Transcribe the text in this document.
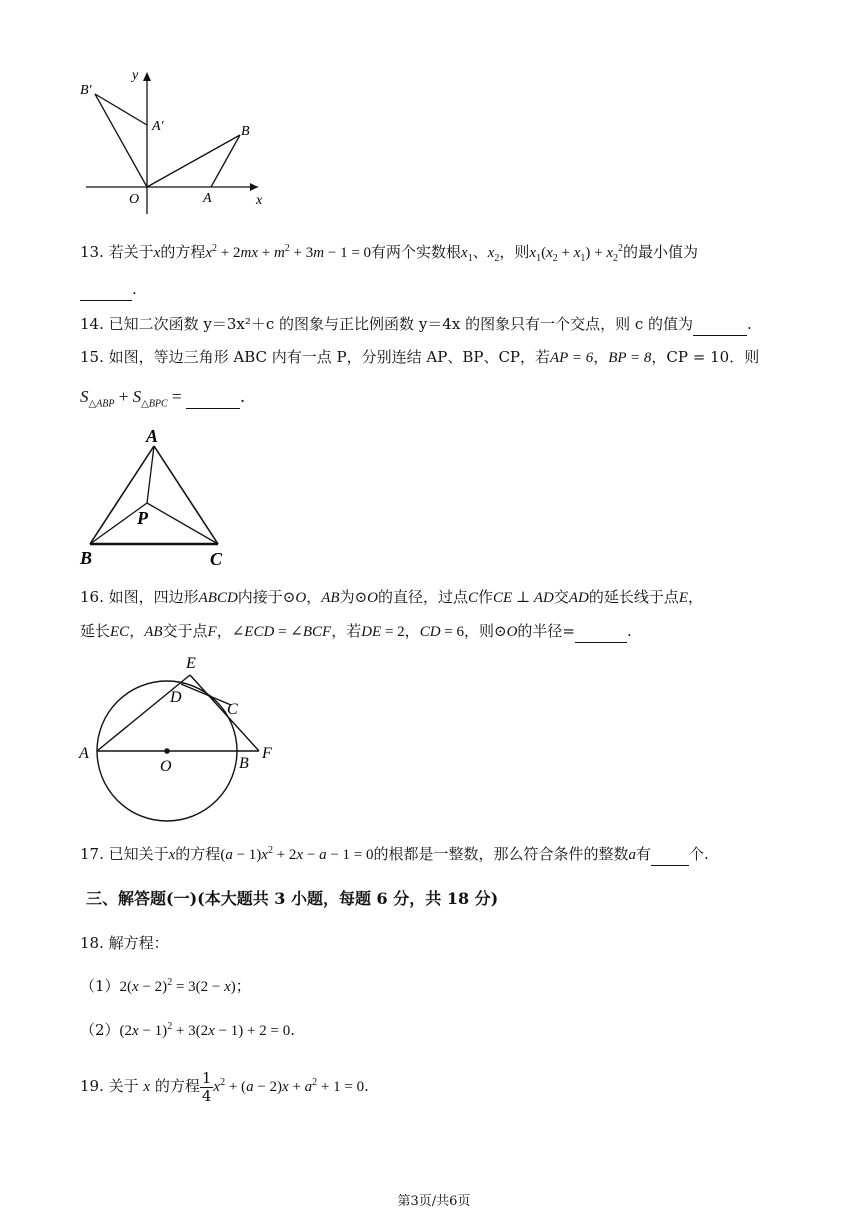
B′
y
A′	B
O	A	x
13. 若关于x的方程$x^2 + 2mx + m^2 + 3m - 1 = 0$有两个实数根$x_1$、$x_2$，则$x_1(x_2 + x_1) + x_2^2$的最小值为
.
14. 已知二次函数 y＝3x²＋c 的图象与正比例函数 y＝4x 的图象只有一个交点，则 c 的值为	.
15. 如图，等边三角形 ABC 内有一点 P，分别连结 AP、BP、CP，若AP = 6，BP = 8，CP = 10．则
$S_{\triangle ABP} + S_{\triangle BPC}$ =	.
A
P
B	C
16. 如图，四边形ABCD内接于⊙O，AB为⊙O的直径，过点C作CE ⊥ AD交AD的延长线于点E，
延长EC，AB交于点F，∠ECD = ∠BCF，若DE = 2，CD = 6，则⊙O的半径=	.
E
D
C
A
O	B
F
17. 已知关于x的方程$(a - 1)x^2 + 2x - a - 1 = 0$的根都是一整数，那么符合条件的整数a有	个.
三、解答题(一)(本大题共 3 小题，每题 6 分，共 18 分)
18. 解方程：
$(1)2(x - 2)^2 = 3(2 - x)$；
$(2)(2x - 1)^2 + 3(2x - 1) + 2 = 0$.
19. 关于 x 的方程 $\frac{1}{4} x^2 + (a - 2)x + a^2 + 1 = 0$.
第3页/共6页
